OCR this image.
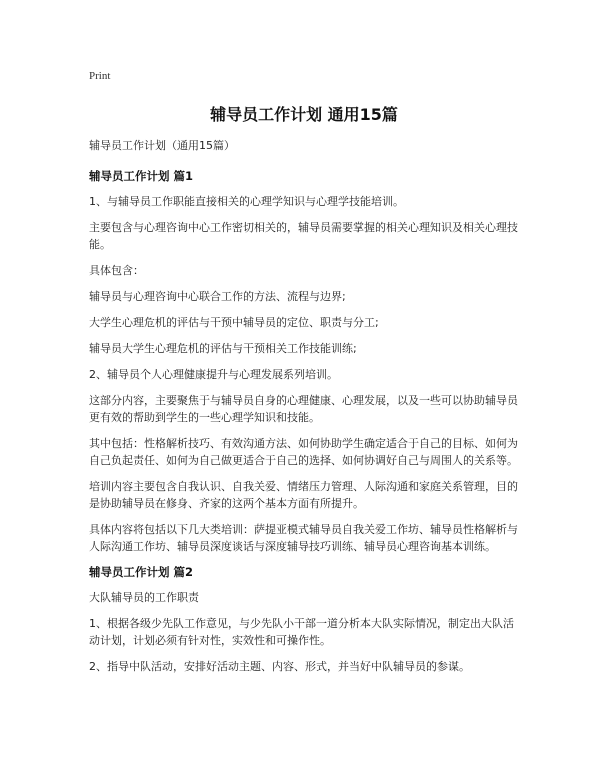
Print
辅导员工作计划 通用15篇
辅导员工作计划（通用15篇）
辅导员工作计划 篇1
1、与辅导员工作职能直接相关的心理学知识与心理学技能培训。
主要包含与心理咨询中心工作密切相关的，辅导员需要掌握的相关心理知识及相关心理技能。
具体包含：
辅导员与心理咨询中心联合工作的方法、流程与边界;
大学生心理危机的评估与干预中辅导员的定位、职责与分工;
辅导员大学生心理危机的评估与干预相关工作技能训练;
2、辅导员个人心理健康提升与心理发展系列培训。
这部分内容，主要聚焦于与辅导员自身的心理健康、心理发展，以及一些可以协助辅导员更有效的帮助到学生的一些心理学知识和技能。
其中包括：性格解析技巧、有效沟通方法、如何协助学生确定适合于自己的目标、如何为自己负起责任、如何为自己做更适合于自己的选择、如何协调好自己与周围人的关系等。
培训内容主要包含自我认识、自我关爱、情绪压力管理、人际沟通和家庭关系管理，目的是协助辅导员在修身、齐家的这两个基本方面有所提升。
具体内容将包括以下几大类培训：萨提亚模式辅导员自我关爱工作坊、辅导员性格解析与人际沟通工作坊、辅导员深度谈话与深度辅导技巧训练、辅导员心理咨询基本训练。
辅导员工作计划 篇2
大队辅导员的工作职责
1、根据各级少先队工作意见，与少先队小干部一道分析本大队实际情况，制定出大队活动计划，计划必须有针对性，实效性和可操作性。
2、指导中队活动，安排好活动主题、内容、形式，并当好中队辅导员的参谋。
